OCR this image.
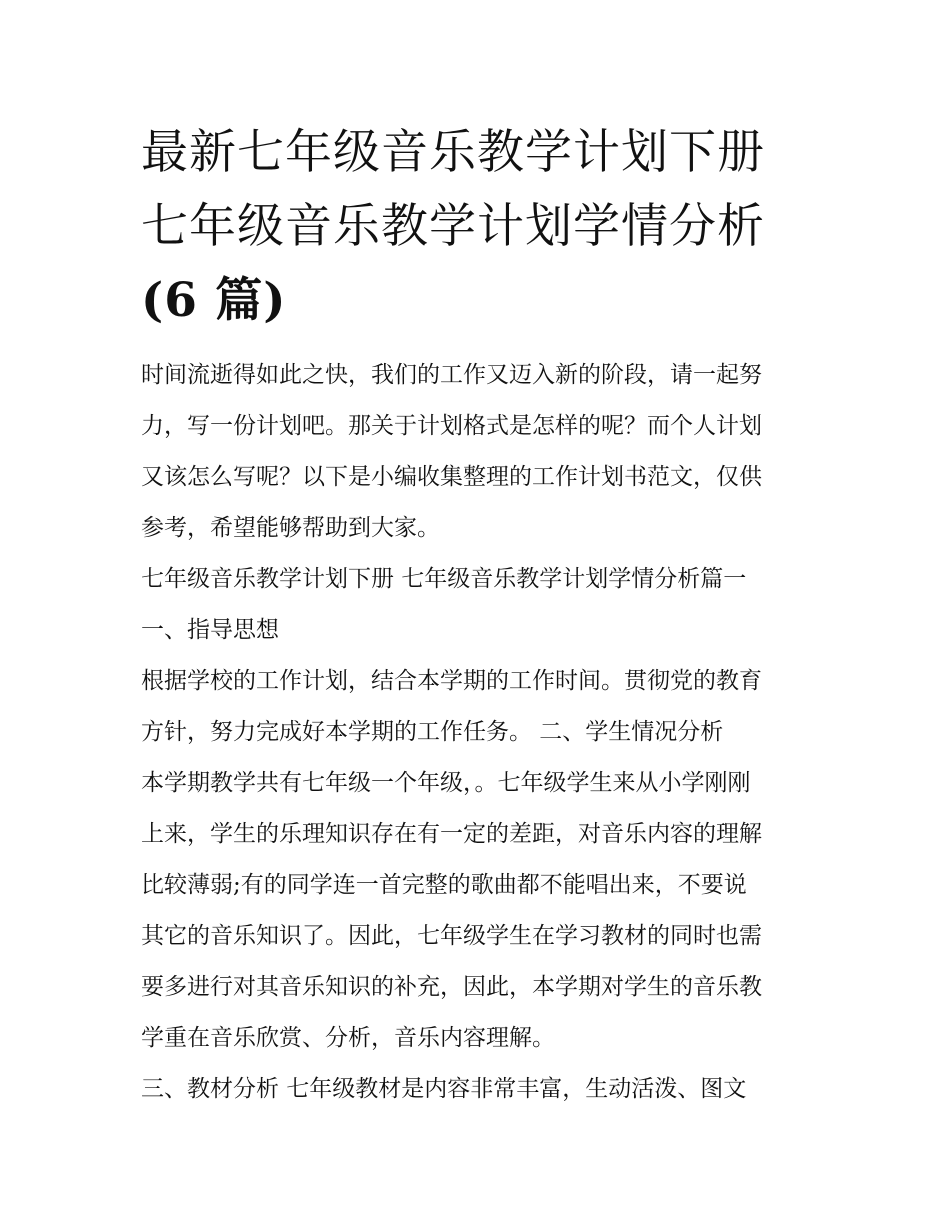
最新七年级音乐教学计划下册
七年级音乐教学计划学情分析
(6 篇)
时间流逝得如此之快，我们的工作又迈入新的阶段，请一起努
力，写一份计划吧。那关于计划格式是怎样的呢？而个人计划
又该怎么写呢？以下是小编收集整理的工作计划书范文，仅供
参考，希望能够帮助到大家。
七年级音乐教学计划下册 七年级音乐教学计划学情分析篇一
一、指导思想
根据学校的工作计划，结合本学期的工作时间。贯彻党的教育
方针，努力完成好本学期的工作任务。 二、学生情况分析
本学期教学共有七年级一个年级，。七年级学生来从小学刚刚
上来，学生的乐理知识存在有一定的差距，对音乐内容的理解
比较薄弱;有的同学连一首完整的歌曲都不能唱出来，不要说
其它的音乐知识了。因此，七年级学生在学习教材的同时也需
要多进行对其音乐知识的补充，因此，本学期对学生的音乐教
学重在音乐欣赏、分析，音乐内容理解。
三、教材分析 七年级教材是内容非常丰富，生动活泼、图文
